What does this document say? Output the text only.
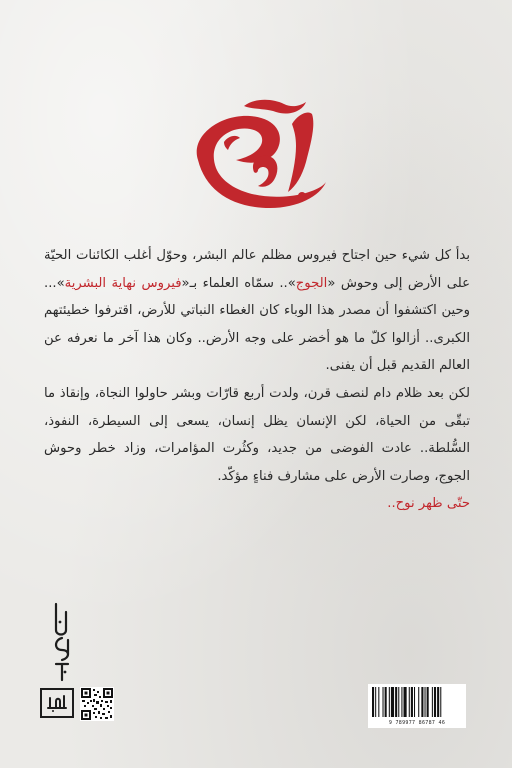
بدأ كل شيء حين اجتاح فيروس مظلم عالم البشر، وحوّل أغلب الكائنات الحيّة على الأرض إلى وحوش «الجوج».. سمّاه العلماء بـ«فيروس نهاية البشرية»... وحين اكتشفوا أن مصدر هذا الوباء كان الغطاء النباتي للأرض، اقترفوا خطيئتهم الكبرى.. أزالوا كلّ ما هو أخضر على وجه الأرض.. وكان هذا آخر ما نعرفه عن العالم القديم قبل أن يفنى.

لكن بعد ظلام دام لنصف قرن، ولدت أربع قارّات وبشر حاولوا النجاة، وإنقاذ ما تبقّى من الحياة، لكن الإنسان يظل إنسان، يسعى إلى السيطرة، النفوذ، السُّلطة.. عادت الفوضى من جديد، وكثُرت المؤامرات، وزاد خطر وحوش الجوج، وصارت الأرض على مشارف فناءٍ مؤكّد.

حتّى ظهر نوح..

9 789977 86787 46
